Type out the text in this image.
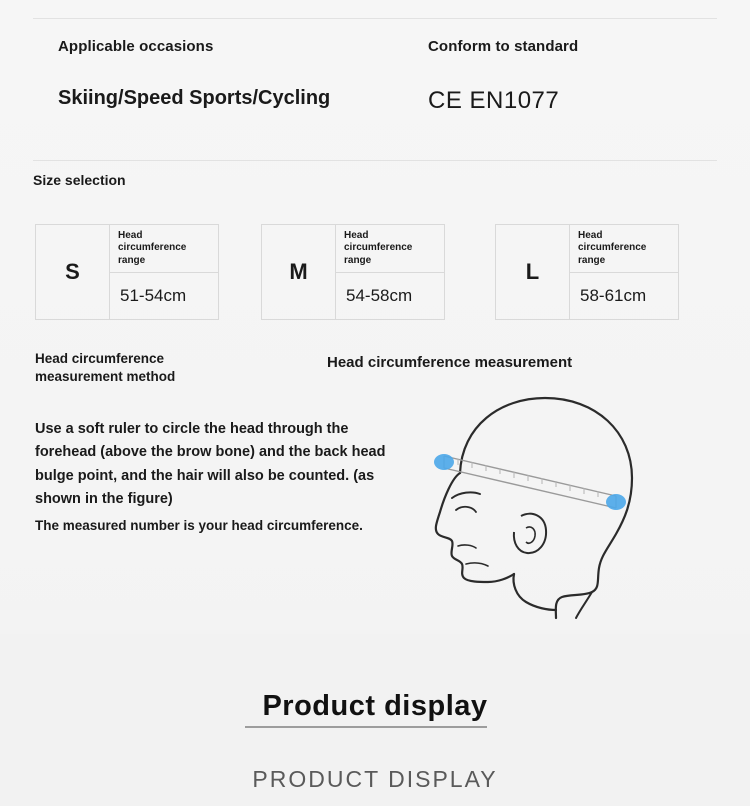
Applicable occasions
Skiing/Speed Sports/Cycling
Conform to standard
CE EN1077
Size selection
S
Head circumference range
51-54cm
M
Head circumference range
54-58cm
L
Head circumference range
58-61cm
Head circumference measurement method
Head circumference measurement
Use a soft ruler to circle the head through the forehead (above the brow bone) and the back head bulge point, and the hair will also be counted. (as shown in the figure)
The measured number is your head circumference.
Product display
PRODUCT DISPLAY
